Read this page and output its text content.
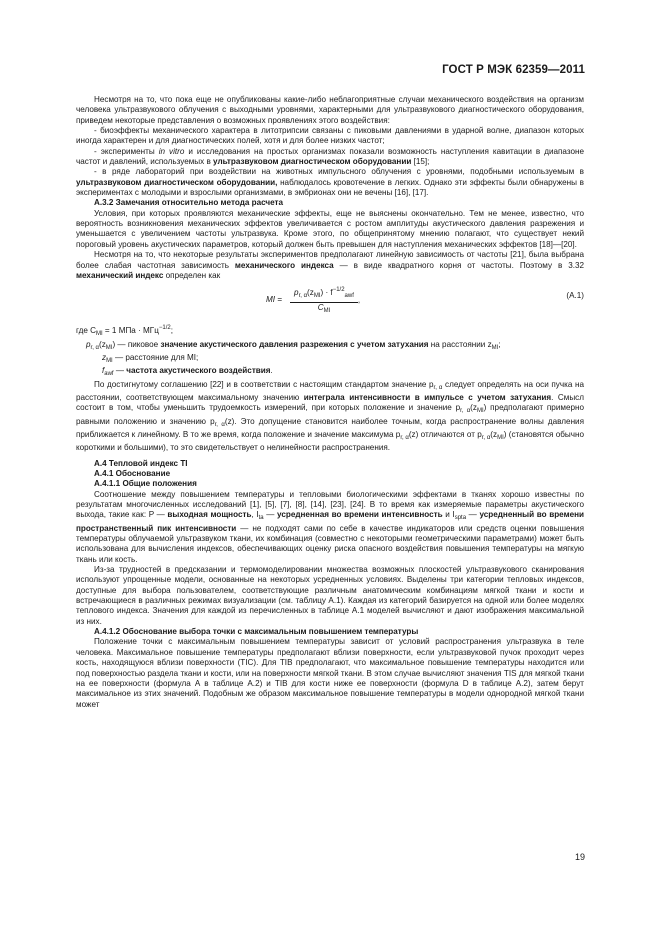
ГОСТ Р МЭК 62359—2011

Несмотря на то, что пока еще не опубликованы какие-либо неблагоприятные случаи механического воздействия на организм человека ультразвукового облучения с выходными уровнями, характерными для ультразвукового диагностического оборудования, приведем некоторые представления о возможных проявлениях этого воздействия:

- биоэффекты механического характера в литотрипсии связаны с пиковыми давлениями в ударной волне, диапазон которых иногда характерен и для диагностических полей, хотя и для более низких частот;

- эксперименты in vitro и исследования на простых организмах показали возможность наступления кавитации в диапазоне частот и давлений, используемых в ультразвуковом диагностическом оборудовании [15];

- в ряде лабораторий при воздействии на животных импульсного облучения с уровнями, подобными используемым в ультразвуковом диагностическом оборудовании, наблюдалось кровотечение в легких. Однако эти эффекты были обнаружены в экспериментах с молодыми и взрослыми организмами, в эмбрионах они не вечены [16], [17].

А.3.2 Замечания относительно метода расчета

Условия, при которых проявляются механические эффекты, еще не выяснены окончательно. Тем не менее, известно, что вероятность возникновения механических эффектов увеличивается с ростом амплитуды акустического давления разрежения и уменьшается с увеличением частоты ультразвука. Кроме этого, по общепринятому мнению полагают, что существует некий пороговый уровень акустических параметров, который должен быть превышен для наступления механических эффектов [18]—[20].

Несмотря на то, что некоторые результаты экспериментов предполагают линейную зависимость от частоты [21], была выбрана более слабая частотная зависимость механического индекса — в виде квадратного корня от частоты. Поэтому в 3.32 механический индекс определен как

MI = $\frac{p_{r, \alpha}(z_{MI}) \cdot f^{-1/2}_{awf}}{C_{MI}}$ ,	(А.1)

где $C_{MI} = 1$ МПа · МГц$^{-1/2}$;

$p_{r, \alpha}(z_{MI})$ — пиковое значение акустического давления разрежения с учетом затухания на расстоянии $z_{MI}$;

$z_{MI}$ — расстояние для MI;

$f_{awf}$ — частота акустического воздействия.

По достигнутому соглашению [22] и в соответствии с настоящим стандартом значение $p_{r, \alpha}$ следует определять на оси пучка на расстоянии, соответствующем максимальному значению интеграла интенсивности в импульсе с учетом затухания. Смысл состоит в том, чтобы уменьшить трудоемкость измерений, при которых положение и значение $p_{r, \alpha}(z_{MI})$ предполагают примерно равными положению и значению $p_{r, \alpha}(z)$. Это допущение становится наиболее точным, когда распространение волны давления приближается к линейному. В то же время, когда положение и значение максимума $p_{r, \alpha}(z)$ отличаются от $p_{r, \alpha}(z_{MI})$ (становятся обычно короткими и большими), то это свидетельствует о нелинейности распространения.

А.4 Тепловой индекс TI

А.4.1 Обоснование

А.4.1.1 Общие положения

Соотношение между повышением температуры и тепловыми биологическими эффектами в тканях хорошо известны по результатам многочисленных исследований [1], [5], [7], [8], [14], [23], [24]. В то время как измеряемые параметры акустического выхода, такие как: P — выходная мощность, $I_{ta}$ — усредненная во времени интенсивность и $I_{spta}$ — усредненный во времени пространственный пик интенсивности — не подходят сами по себе в качестве индикаторов или средств оценки повышения температуры облучаемой ультразвуком ткани, их комбинация (совместно с некоторыми геометрическими параметрами) может быть использована для вычисления индексов, обеспечивающих оценку риска опасного воздействия повышения температуры на мягкую ткань или кость.

Из-за трудностей в предсказании и термомоделировании множества возможных плоскостей ультразвукового сканирования используют упрощенные модели, основанные на некоторых усредненных условиях. Выделены три категории тепловых индексов, доступные для выбора пользователем, соответствующие различным анатомическим комбинациям мягкой ткани и кости и встречающиеся в различных режимах визуализации (см. таблицу А.1). Каждая из категорий базируется на одной или более моделях теплового индекса. Значения для каждой из перечисленных в таблице А.1 моделей вычисляют и дают изображения максимальной из них.

А.4.1.2 Обоснование выбора точки с максимальным повышением температуры

Положение точки с максимальным повышением температуры зависит от условий распространения ультразвука в теле человека. Максимальное повышение температуры предполагают вблизи поверхности, если ультразвуковой пучок проходит через кость, находящуюся вблизи поверхности (TIC). Для TIB предполагают, что максимальное повышение температуры находится или под поверхностью раздела ткани и кости, или на поверхности мягкой ткани. В этом случае вычисляют значения TIS для мягкой ткани на ее поверхности (формула А в таблице А.2) и TIB для кости ниже ее поверхности (формула D в таблице А.2), затем берут максимальное из этих значений. Подобным же образом максимальное повышение температуры в модели однородной мягкой ткани может

19
